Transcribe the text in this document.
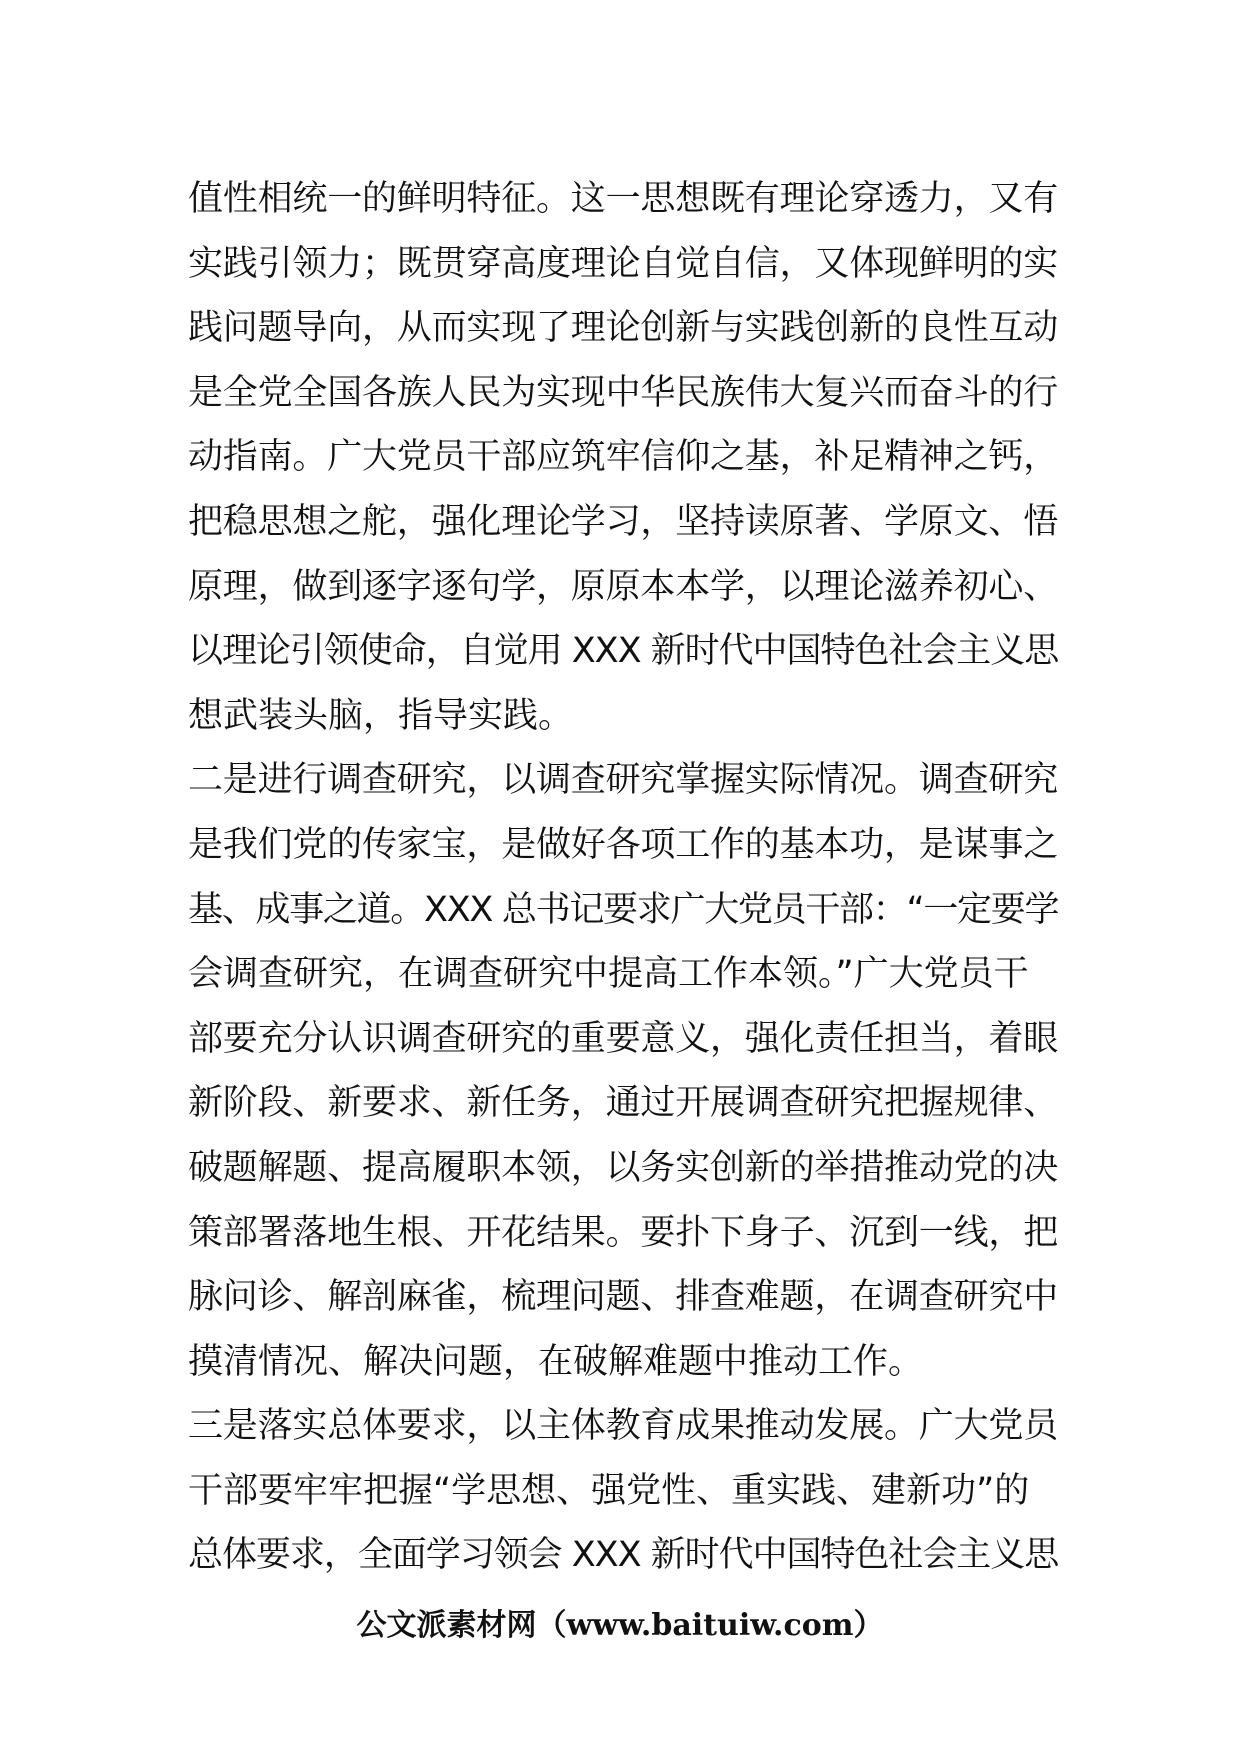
值性相统一的鲜明特征。这一思想既有理论穿透力，又有
实践引领力；既贯穿高度理论自觉自信，又体现鲜明的实
践问题导向，从而实现了理论创新与实践创新的良性互动
是全党全国各族人民为实现中华民族伟大复兴而奋斗的行
动指南。广大党员干部应筑牢信仰之基，补足精神之钙，
把稳思想之舵，强化理论学习，坚持读原著、学原文、悟
原理，做到逐字逐句学，原原本本学，以理论滋养初心、
以理论引领使命，自觉用 XXX 新时代中国特色社会主义思
想武装头脑，指导实践。
二是进行调查研究，以调查研究掌握实际情况。调查研究
是我们党的传家宝，是做好各项工作的基本功，是谋事之
基、成事之道。XXX 总书记要求广大党员干部：“一定要学
会调查研究，在调查研究中提高工作本领。”广大党员干
部要充分认识调查研究的重要意义，强化责任担当，着眼
新阶段、新要求、新任务，通过开展调查研究把握规律、
破题解题、提高履职本领，以务实创新的举措推动党的决
策部署落地生根、开花结果。要扑下身子、沉到一线，把
脉问诊、解剖麻雀，梳理问题、排查难题，在调查研究中
摸清情况、解决问题，在破解难题中推动工作。
三是落实总体要求，以主体教育成果推动发展。广大党员
干部要牢牢把握“学思想、强党性、重实践、建新功”的
总体要求，全面学习领会 XXX 新时代中国特色社会主义思
公文派素材网（www.baituiw.com）
